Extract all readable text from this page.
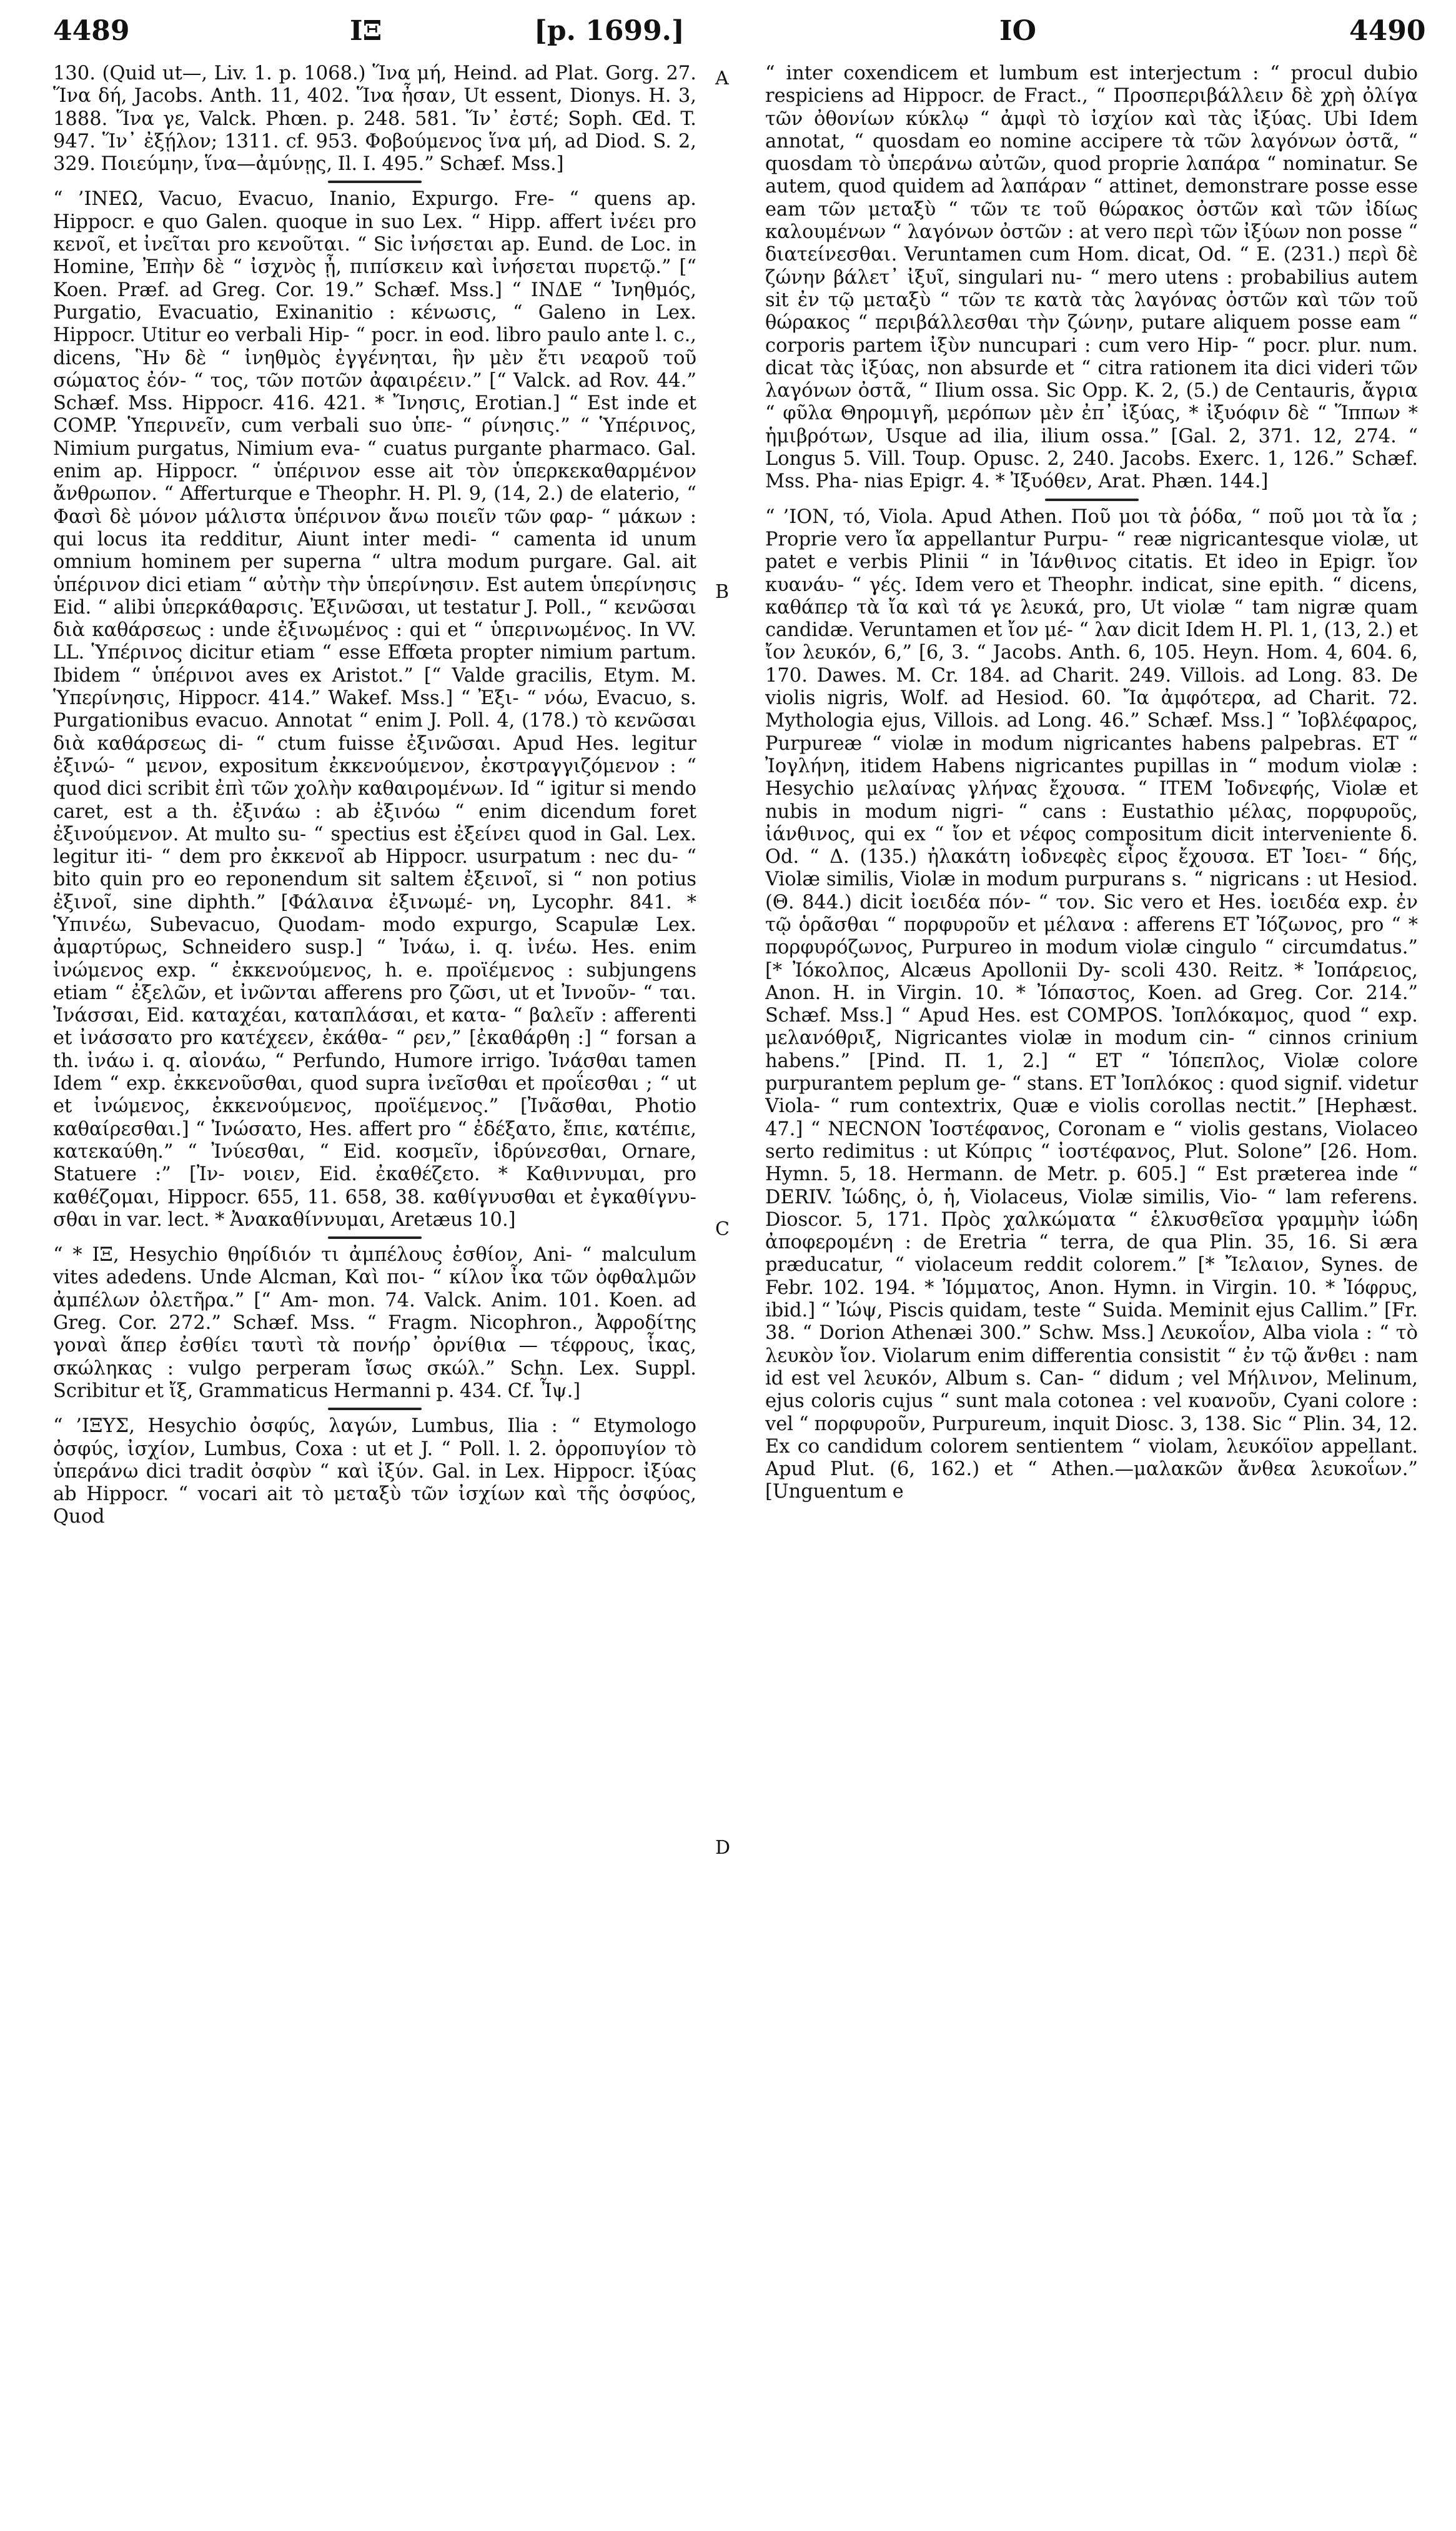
4489	ΙΞ	[p. 1699.]	ΙΟ	4490
A
B
C
D

130. (Quid ut—, Liv. 1. p. 1068.) Ἵνα μή, Heind. ad Plat. Gorg. 27. Ἵνα δή, Jacobs. Anth. 11, 402. Ἵνα ἦσαν, Ut essent, Dionys. H. 3, 1888. Ἵνα γε, Valck. Phœn. p. 248. 581. Ἵν᾽ ἐστέ; Soph. Œd. T. 947. Ἵν᾽ ἐξῄλον; 1311. cf. 953. Φοβούμενος ἵνα μή, ad Diod. S. 2, 329. Ποιεύμην, ἵνα—ἀμύνῃς, Il. I. 495.” Schæf. Mss.]

“ ’ΙΝΕΩ, Vacuo, Evacuo, Inanio, Expurgo. Fre- “ quens ap. Hippocr. e quo Galen. quoque in suo Lex. “ Hipp. affert ἰνέει pro κενοῖ, et ἰνεῖται pro κενοῦται. “ Sic ἰνήσεται ap. Eund. de Loc. in Homine, Ἐπὴν δὲ “ ἰσχνὸς ᾖ, πιπίσκειν καὶ ἰνήσεται πυρετῷ.” [“ Koen. Præf. ad Greg. Cor. 19.” Schæf. Mss.] “ ΙΝΔΕ “ Ἰνηθμός, Purgatio, Evacuatio, Exinanitio : κένωσις, “ Galeno in Lex. Hippocr. Utitur eo verbali Hip- “ pocr. in eod. libro paulo ante l. c., dicens, Ἣν δὲ “ ἰνηθμὸς ἐγγένηται, ἣν μὲν ἔτι νεαροῦ τοῦ σώματος ἐόν- “ τος, τῶν ποτῶν ἀφαιρέειν.” [“ Valck. ad Rov. 44.” Schæf. Mss. Hippocr. 416. 421. * Ἴνησις, Erotian.] “ Est inde et COMP. Ὑπερινεῖν, cum verbali suo ὑπε- “ ρίνησις.” “ Ὑπέρινος, Nimium purgatus, Nimium eva- “ cuatus purgante pharmaco. Gal. enim ap. Hippocr. “ ὑπέρινον esse ait τὸν ὑπερκεκαθαρμένον ἄνθρωπον. “ Afferturque e Theophr. H. Pl. 9, (14, 2.) de elaterio, “ Φασὶ δὲ μόνον μάλιστα ὑπέρινον ἄνω ποιεῖν τῶν φαρ- “ μάκων : qui locus ita redditur, Aiunt inter medi- “ camenta id unum omnium hominem per superna “ ultra modum purgare. Gal. ait ὑπέρινον dici etiam “ αὐτὴν τὴν ὑπερίνησιν. Est autem ὑπερίνησις Eid. “ alibi ὑπερκάθαρσις. Ἐξινῶσαι, ut testatur J. Poll., “ κενῶσαι διὰ καθάρσεως : unde ἐξινωμένος : qui et “ ὑπερινωμένος. In VV. LL. Ὑπέρινος dicitur etiam “ esse Effœta propter nimium partum. Ibidem “ ὑπέρινοι aves ex Aristot.” [“ Valde gracilis, Etym. M. Ὑπερίνησις, Hippocr. 414.” Wakef. Mss.] “ Ἐξι- “ νόω, Evacuo, s. Purgationibus evacuo. Annotat “ enim J. Poll. 4, (178.) τὸ κενῶσαι διὰ καθάρσεως di- “ ctum fuisse ἐξινῶσαι. Apud Hes. legitur ἐξινώ- “ μενον, expositum ἐκκενούμενον, ἐκστραγγιζόμενον : “ quod dici scribit ἐπὶ τῶν χολὴν καθαιρομένων. Id “ igitur si mendo caret, est a th. ἐξινάω : ab ἐξινόω “ enim dicendum foret ἐξινούμενον. At multo su- “ spectius est ἐξείνει quod in Gal. Lex. legitur iti- “ dem pro ἐκκενοῖ ab Hippocr. usurpatum : nec du- “ bito quin pro eo reponendum sit saltem ἐξεινοῖ, si “ non potius ἐξινοῖ, sine diphth.” [Φάλαινα ἐξινωμέ- νη, Lycophr. 841. * Ὑπινέω, Subevacuo, Quodam- modo expurgo, Scapulæ Lex. ἀμαρτύρως, Schneidero susp.] “ Ἰνάω, i. q. ἰνέω. Hes. enim ἰνώμενος exp. “ ἐκκενούμενος, h. e. προϊέμενος : subjungens etiam “ ἐξελῶν, et ἰνῶνται afferens pro ζῶσι, ut et Ἰννοῦν- “ ται. Ἰνάσσαι, Eid. καταχέαι, καταπλάσαι, et κατα- “ βαλεῖν : afferenti et ἰνάσσατο pro κατέχεεν, ἐκάθα- “ ρεν,” [ἐκαθάρθη :] “ forsan a th. ἰνάω i. q. αἰονάω, “ Perfundo, Humore irrigo. Ἰνάσθαι tamen Idem “ exp. ἐκκενοῦσθαι, quod supra ἰνεῖσθαι et προΐεσθαι ; “ ut et ἰνώμενος, ἐκκενούμενος, προϊέμενος.” [Ἰνᾶσθαι, Photio καθαίρεσθαι.] “ Ἰνώσατο, Hes. affert pro “ ἐδέξατο, ἔπιε, κατέπιε, κατεκαύθη.” “ Ἰνύεσθαι, “ Eid. κοσμεῖν, ἱδρύνεσθαι, Ornare, Statuere :” [Ἰν- νοιεν, Eid. ἐκαθέζετο. * Καθιννυμαι, pro καθέζομαι, Hippocr. 655, 11. 658, 38. καθίγνυσθαι et ἐγκαθίγνυ- σθαι in var. lect. * Ἀνακαθίννυμαι, Aretæus 10.]

“ * ΙΞ, Hesychio θηρίδιόν τι ἀμπέλους ἐσθίον, Ani- “ malculum vites adedens. Unde Alcman, Καὶ ποι- “ κίλον ἶκα τῶν ὀφθαλμῶν ἀμπέλων ὀλετῆρα.” [“ Am- mon. 74. Valck. Anim. 101. Koen. ad Greg. Cor. 272.” Schæf. Mss. “ Fragm. Nicophron., Ἀφροδίτης γοναὶ ἅπερ ἐσθίει ταυτὶ τὰ πονήρ᾽ ὀρνίθια — τέφρους, ἶκας, σκώληκας : vulgo perperam ἴσως σκώλ.” Schn. Lex. Suppl. Scribitur et ἴξ, Grammaticus Hermanni p. 434. Cf. Ἶψ.]

“ ’ΙΞΥΣ, Hesychio ὀσφύς, λαγών, Lumbus, Ilia : “ Etymologo ὀσφύς, ἰσχίον, Lumbus, Coxa : ut et J. “ Poll. l. 2. ὀρροπυγίον τὸ ὑπεράνω dici tradit ὀσφὺν “ καὶ ἰξύν. Gal. in Lex. Hippocr. ἰξύας ab Hippocr. “ vocari ait τὸ μεταξὺ τῶν ἰσχίων καὶ τῆς ὀσφύος, Quod

“ inter coxendicem et lumbum est interjectum : “ procul dubio respiciens ad Hippocr. de Fract., “ Προσπεριβάλλειν δὲ χρὴ ὀλίγα τῶν ὀθονίων κύκλῳ “ ἀμφὶ τὸ ἰσχίον καὶ τὰς ἰξύας. Ubi Idem annotat, “ quosdam eo nomine accipere τὰ τῶν λαγόνων ὀστᾶ, “ quosdam τὸ ὑπεράνω αὐτῶν, quod proprie λαπάρα “ nominatur. Se autem, quod quidem ad λαπάραν “ attinet, demonstrare posse esse eam τῶν μεταξὺ “ τῶν τε τοῦ θώρακος ὀστῶν καὶ τῶν ἰδίως καλουμένων “ λαγόνων ὀστῶν : at vero περὶ τῶν ἰξύων non posse “ διατείνεσθαι. Veruntamen cum Hom. dicat, Od. “ E. (231.) περὶ δὲ ζώνην βάλετ᾽ ἰξυῖ, singulari nu- “ mero utens : probabilius autem sit ἐν τῷ μεταξὺ “ τῶν τε κατὰ τὰς λαγόνας ὀστῶν καὶ τῶν τοῦ θώρακος “ περιβάλλεσθαι τὴν ζώνην, putare aliquem posse eam “ corporis partem ἰξὺν nuncupari : cum vero Hip- “ pocr. plur. num. dicat τὰς ἰξύας, non absurde et “ citra rationem ita dici videri τῶν λαγόνων ὀστᾶ, “ Ilium ossa. Sic Opp. K. 2, (5.) de Centauris, ἄγρια “ φῦλα Θηρομιγῆ, μερόπων μὲν ἐπ᾽ ἰξύας, * ἰξυόφιν δὲ “ Ἵππων * ἡμιβρότων, Usque ad ilia, ilium ossa.” [Gal. 2, 371. 12, 274. “ Longus 5. Vill. Toup. Opusc. 2, 240. Jacobs. Exerc. 1, 126.” Schæf. Mss. Pha- nias Epigr. 4. * Ἰξυόθεν, Arat. Phæn. 144.]

“ ’ΙΟΝ, τό, Viola. Apud Athen. Ποῦ μοι τὰ ῥόδα, “ ποῦ μοι τὰ ἴα ; Proprie vero ἴα appellantur Purpu- “ reæ nigricantesque violæ, ut patet e verbis Plinii “ in Ἰάνθινος citatis. Et ideo in Epigr. ἴον κυανάυ- “ γές. Idem vero et Theophr. indicat, sine epith. “ dicens, καθάπερ τὰ ἴα καὶ τά γε λευκά, pro, Ut violæ “ tam nigræ quam candidæ. Veruntamen et ἴον μέ- “ λαν dicit Idem H. Pl. 1, (13, 2.) et ἴον λευκόν, 6,” [6, 3. “ Jacobs. Anth. 6, 105. Heyn. Hom. 4, 604. 6, 170. Dawes. M. Cr. 184. ad Charit. 249. Villois. ad Long. 83. De violis nigris, Wolf. ad Hesiod. 60. Ἴα ἀμφότερα, ad Charit. 72. Mythologia ejus, Villois. ad Long. 46.” Schæf. Mss.] “ Ἰοβλέφαρος, Purpureæ “ violæ in modum nigricantes habens palpebras. ET “ Ἰογλήνη, itidem Habens nigricantes pupillas in “ modum violæ : Hesychio μελαίνας γλήνας ἔχουσα. “ ΙΤΕΜ Ἰοδνεφής, Violæ et nubis in modum nigri- “ cans : Eustathio μέλας, πορφυροῦς, ἰάνθινος, qui ex “ ἴον et νέφος compositum dicit interveniente δ. Od. “ Δ. (135.) ἠλακάτη ἰοδνεφὲς εἶρος ἔχουσα. ET Ἰοει- “ δής, Violæ similis, Violæ in modum purpurans s. “ nigricans : ut Hesiod. (Θ. 844.) dicit ἰοειδέα πόν- “ τον. Sic vero et Hes. ἰοειδέα exp. ἐν τῷ ὁρᾶσθαι “ πορφυροῦν et μέλανα : afferens ET Ἰόζωνος, pro “ * πορφυρόζωνος, Purpureo in modum violæ cingulo “ circumdatus.” [* Ἰόκολπος, Alcæus Apollonii Dy- scoli 430. Reitz. * Ἰοπάρειος, Anon. H. in Virgin. 10. * Ἰόπαστος, Koen. ad Greg. Cor. 214.” Schæf. Mss.] “ Apud Hes. est COMPOS. Ἰοπλόκαμος, quod “ exp. μελανόθριξ, Nigricantes violæ in modum cin- “ cinnos crinium habens.” [Pind. Π. 1, 2.] “ ET “ Ἰόπεπλος, Violæ colore purpurantem peplum ge- “ stans. ET Ἰοπλόκος : quod signif. videtur Viola- “ rum contextrix, Quæ e violis corollas nectit.” [Hephæst. 47.] “ NECNON Ἰοστέφανος, Coronam e “ violis gestans, Violaceo serto redimitus : ut Κύπρις “ ἰοστέφανος, Plut. Solone” [26. Hom. Hymn. 5, 18. Hermann. de Metr. p. 605.] “ Est præterea inde “ DERIV. Ἰώδης, ὁ, ἡ, Violaceus, Violæ similis, Vio- “ lam referens. Dioscor. 5, 171. Πρὸς χαλκώματα “ ἑλκυσθεῖσα γραμμὴν ἰώδη ἀποφερομένη : de Eretria “ terra, de qua Plin. 35, 16. Si æra præducatur, “ violaceum reddit colorem.” [* Ἴελαιον, Synes. de Febr. 102. 194. * Ἰόμματος, Anon. Hymn. in Virgin. 10. * Ἰόφρυς, ibid.] “ Ἰώψ, Piscis quidam, teste “ Suida. Meminit ejus Callim.” [Fr. 38. “ Dorion Athenæi 300.” Schw. Mss.] Λευκοΐον, Alba viola : “ τὸ λευκὸν ἴον. Violarum enim differentia consistit “ ἐν τῷ ἄνθει : nam id est vel λευκόν, Album s. Can- “ didum ; vel Μήλινον, Melinum, ejus coloris cujus “ sunt mala cotonea : vel κυανοῦν, Cyani colore : vel “ πορφυροῦν, Purpureum, inquit Diosc. 3, 138. Sic “ Plin. 34, 12. Ex co candidum colorem sentientem “ violam, λευκόϊον appellant. Apud Plut. (6, 162.) et “ Athen.—μαλακῶν ἄνθεα λευκοΐων.” [Unguentum e
